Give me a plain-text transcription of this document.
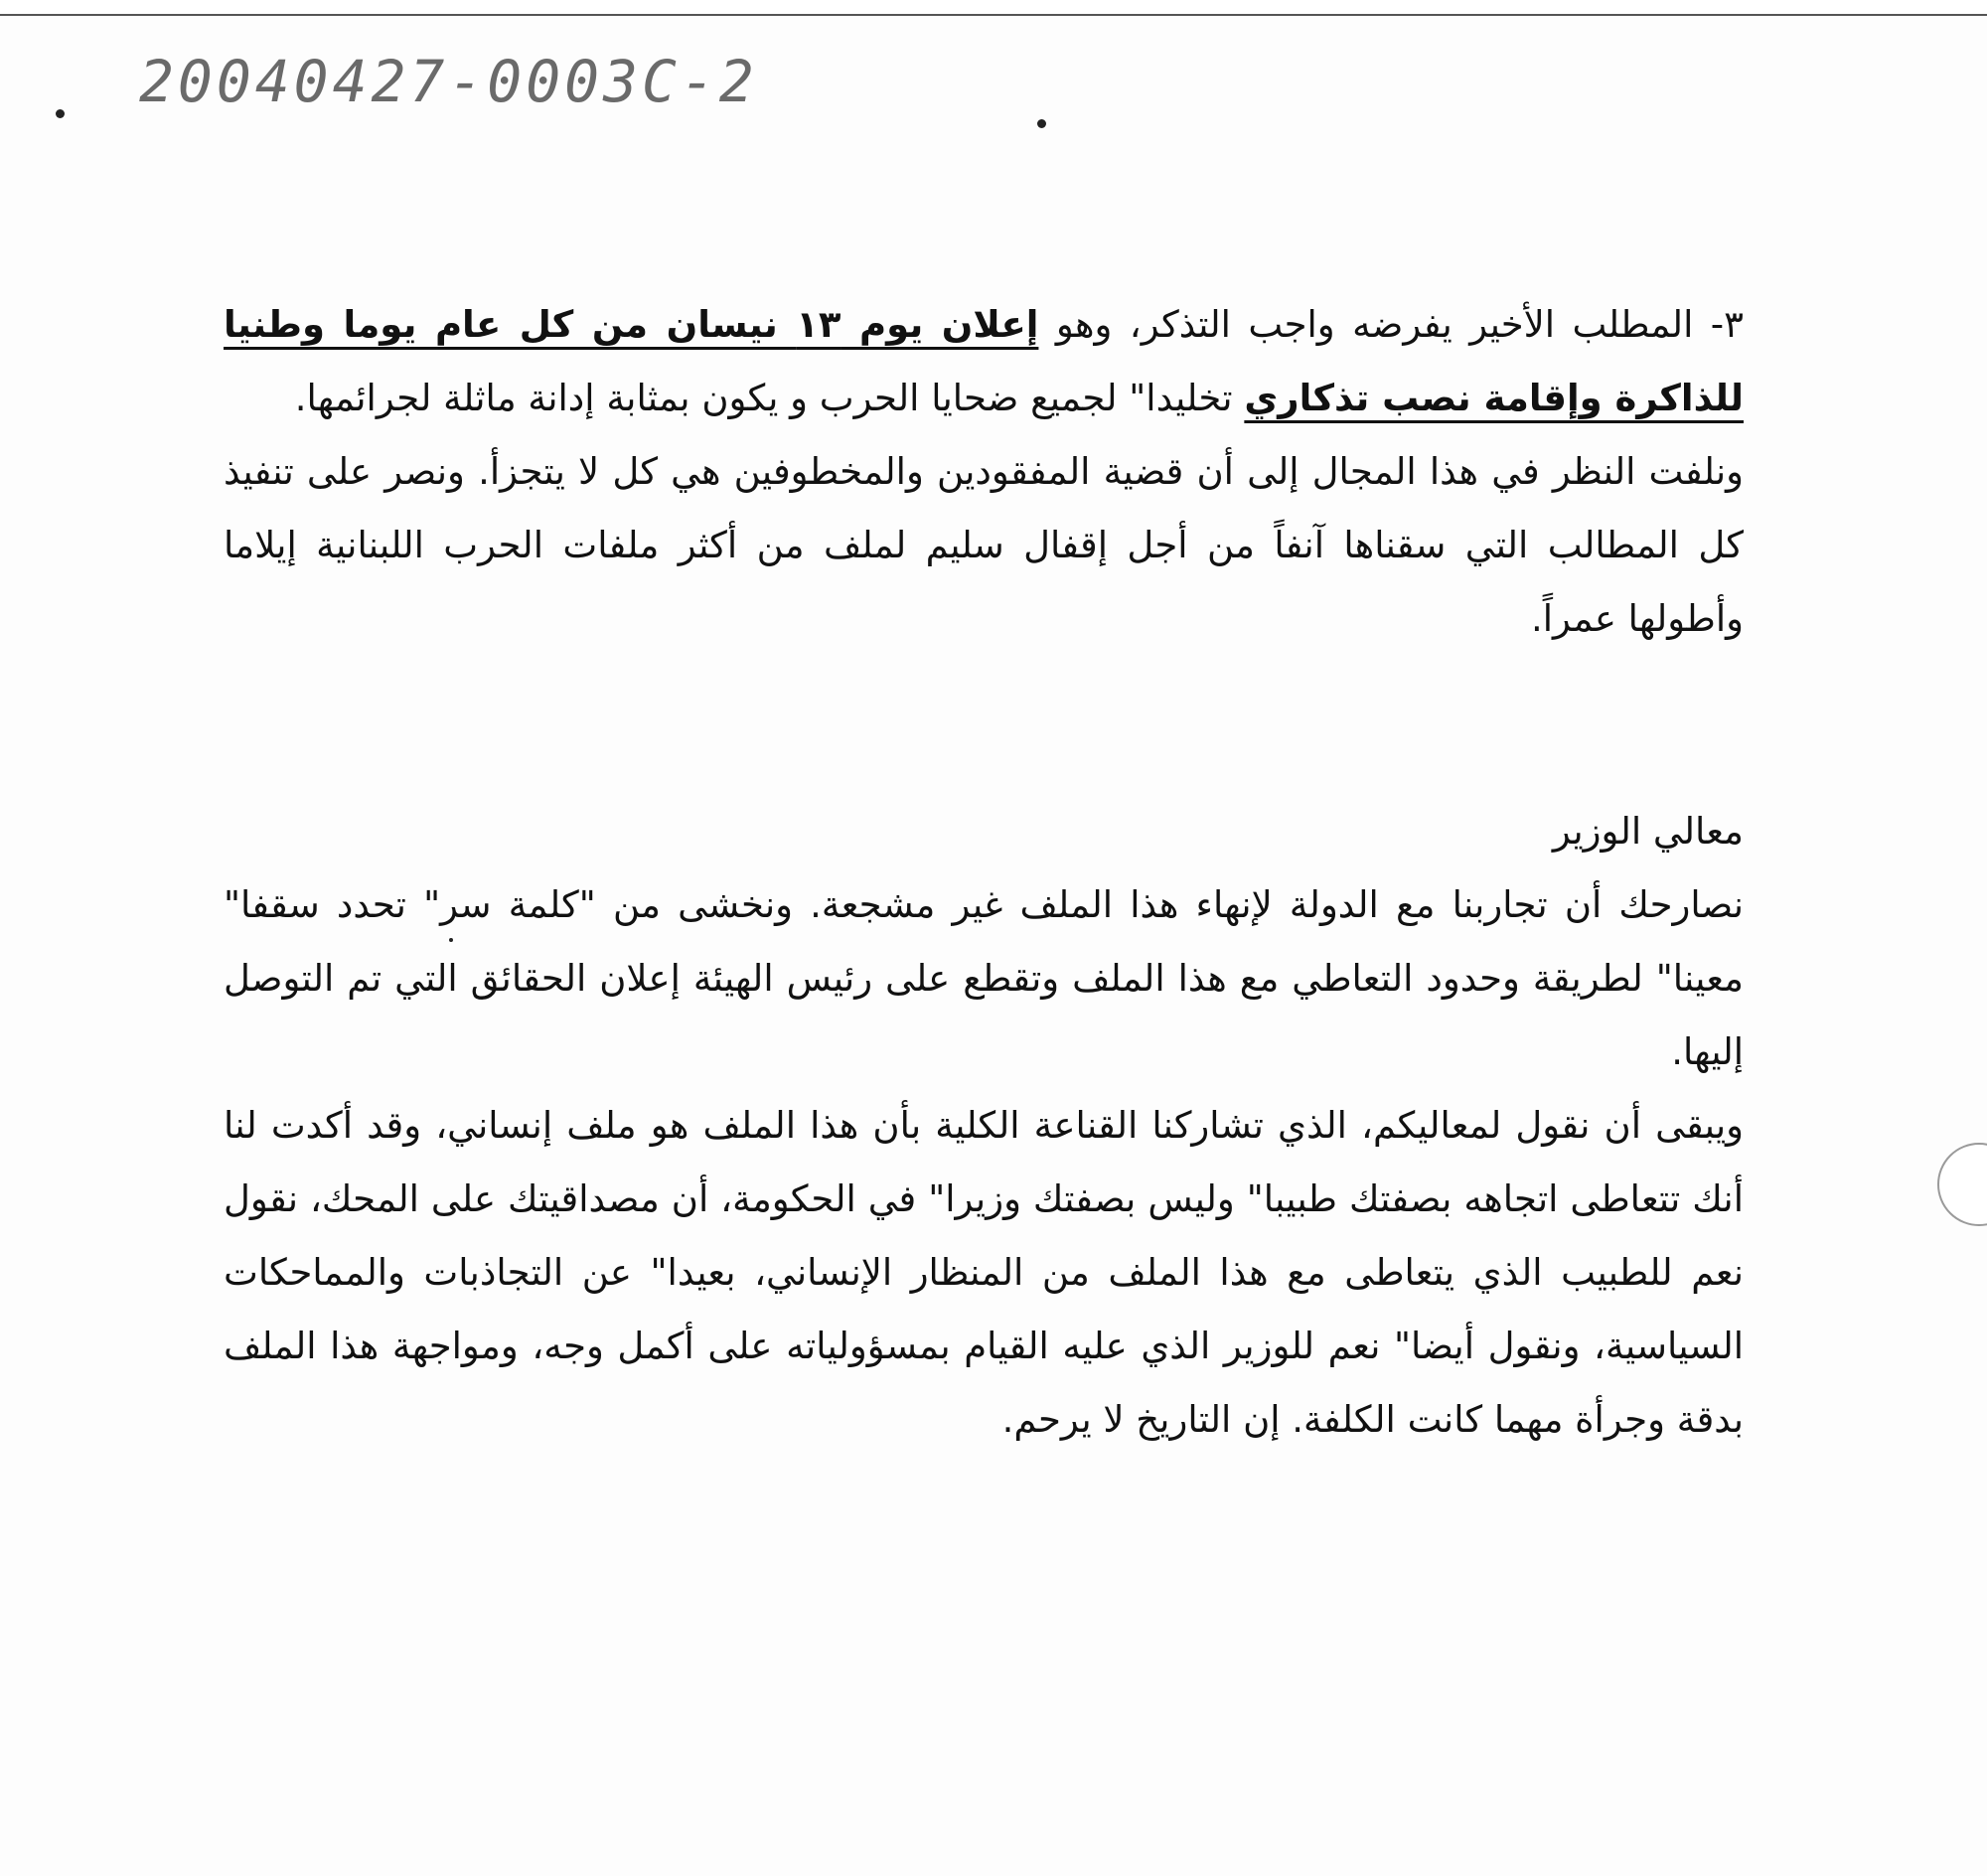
20040427-0003C-2

٣- المطلب الأخير يفرضه واجب التذكر، وهو إعلان يوم ١٣ نيسان من كل عام يوما وطنيا للذاكرة وإقامة نصب تذكاري تخليدا" لجميع ضحايا الحرب و يكون بمثابة إدانة ماثلة لجرائمها.

ونلفت النظر في هذا المجال إلى أن قضية المفقودين والمخطوفين هي كل لا يتجزأ. ونصر على تنفيذ كل المطالب التي سقناها آنفاً من أجل إقفال سليم لملف من أكثر ملفات الحرب اللبنانية إيلاما وأطولها عمراً.

معالي الوزير

نصارحك أن تجاربنا مع الدولة لإنهاء هذا الملف غير مشجعة. ونخشى من "كلمة سر" تحدد سقفا" معينا" لطريقة وحدود التعاطي مع هذا الملف وتقطع على رئيس الهيئة إعلان الحقائق التي تم التوصل إليها.

ويبقى أن نقول لمعاليكم، الذي تشاركنا القناعة الكلية بأن هذا الملف هو ملف إنساني، وقد أكدت لنا أنك تتعاطى اتجاهه بصفتك طبيبا" وليس بصفتك وزيرا" في الحكومة، أن مصداقيتك على المحك، نقول نعم للطبيب الذي يتعاطى مع هذا الملف من المنظار الإنساني، بعيدا" عن التجاذبات والمماحكات السياسية، ونقول أيضا" نعم للوزير الذي عليه القيام بمسؤولياته على أكمل وجه، ومواجهة هذا الملف بدقة وجرأة مهما كانت الكلفة. إن التاريخ لا يرحم.
